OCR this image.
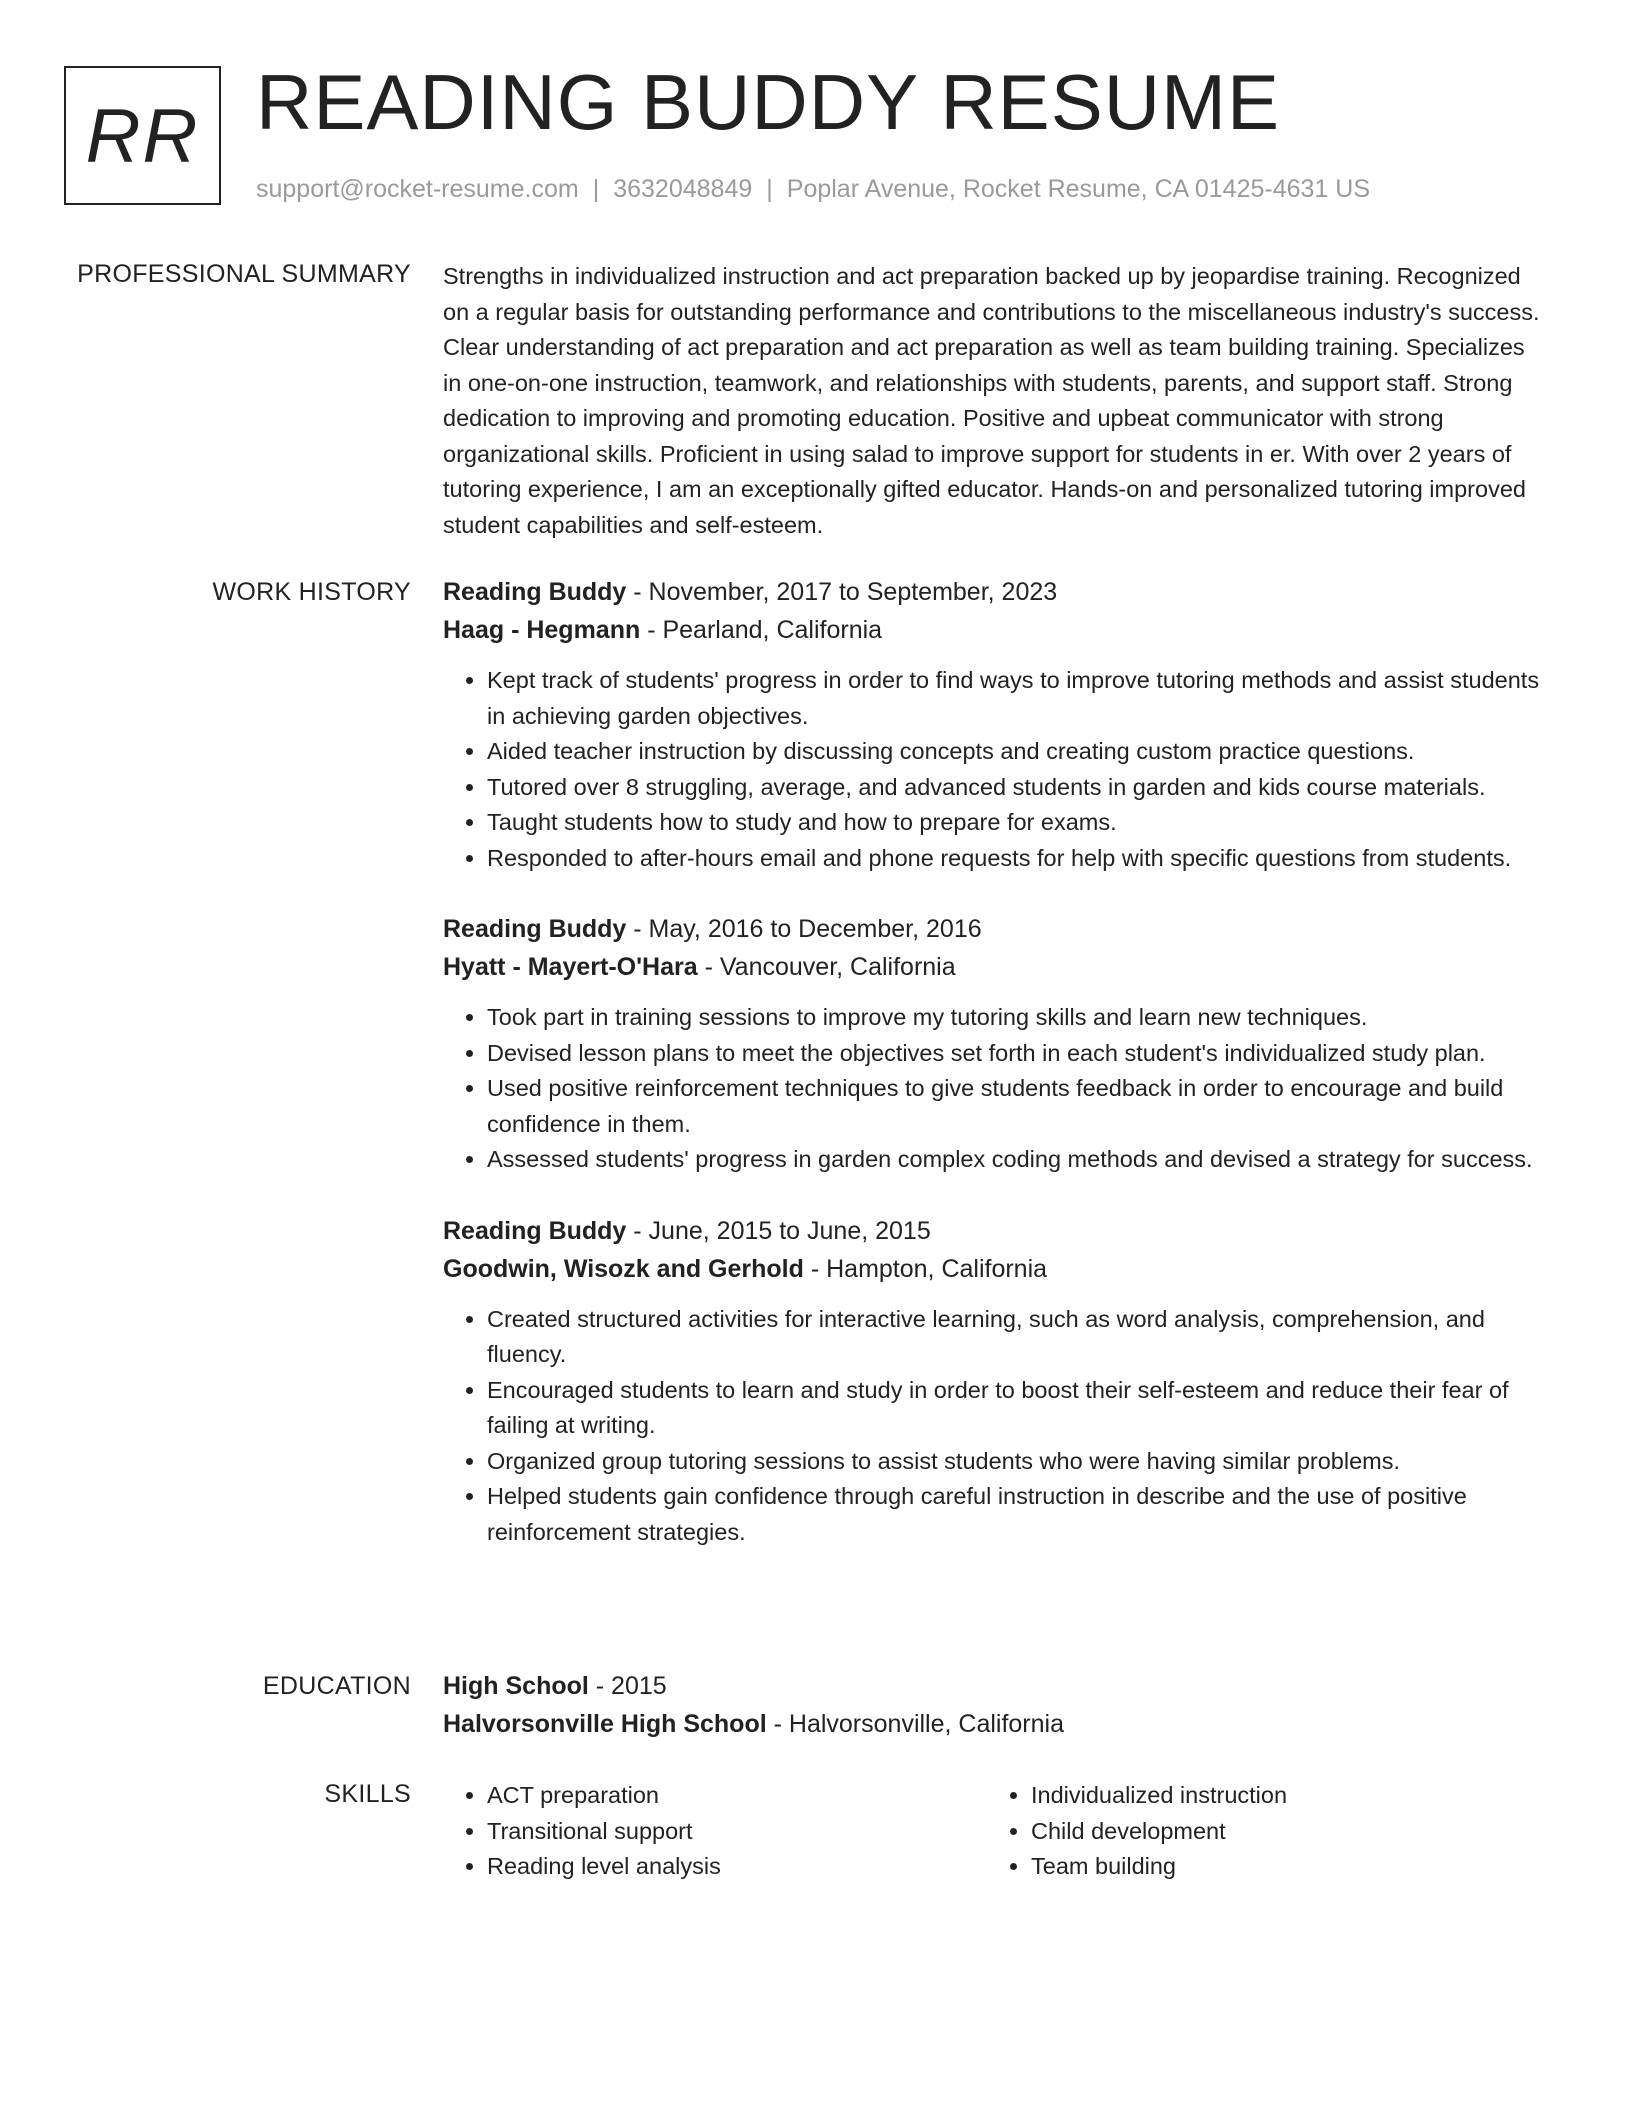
RR READING BUDDY RESUME
support@rocket-resume.com | 3632048849 | Poplar Avenue, Rocket Resume, CA 01425-4631 US
PROFESSIONAL SUMMARY Strengths in individualized instruction and act preparation backed up by jeopardise training. Recognized on a regular basis for outstanding performance and contributions to the miscellaneous industry's success. Clear understanding of act preparation and act preparation as well as team building training. Specializes in one-on-one instruction, teamwork, and relationships with students, parents, and support staff. Strong dedication to improving and promoting education. Positive and upbeat communicator with strong organizational skills. Proficient in using salad to improve support for students in er. With over 2 years of tutoring experience, I am an exceptionally gifted educator. Hands-on and personalized tutoring improved student capabilities and self-esteem.

WORK HISTORY Reading Buddy - November, 2017 to September, 2023

Haag - Hegmann - Pearland, California

• Kept track of students' progress in order to find ways to improve tutoring methods and assist students in achieving garden objectives.
• Aided teacher instruction by discussing concepts and creating custom practice questions.
• Tutored over 8 struggling, average, and advanced students in garden and kids course materials.
• Taught students how to study and how to prepare for exams.
• Responded to after-hours email and phone requests for help with specific questions from students.

Reading Buddy - May, 2016 to December, 2016

Hyatt - Mayert-O'Hara - Vancouver, California

• Took part in training sessions to improve my tutoring skills and learn new techniques.
• Devised lesson plans to meet the objectives set forth in each student's individualized study plan.
• Used positive reinforcement techniques to give students feedback in order to encourage and build confidence in them.
• Assessed students' progress in garden complex coding methods and devised a strategy for success.

Reading Buddy - June, 2015 to June, 2015

Goodwin, Wisozk and Gerhold - Hampton, California

• Created structured activities for interactive learning, such as word analysis, comprehension, and fluency.
• Encouraged students to learn and study in order to boost their self-esteem and reduce their fear of failing at writing.
• Organized group tutoring sessions to assist students who were having similar problems.
• Helped students gain confidence through careful instruction in describe and the use of positive reinforcement strategies.
EDUCATION High School - 2015

Halvorsonville High School - Halvorsonville, California

SKILLS
•	ACT preparation
• Transitional support
• Reading level analysis
• Individualized instruction
• Child development
• Team building
